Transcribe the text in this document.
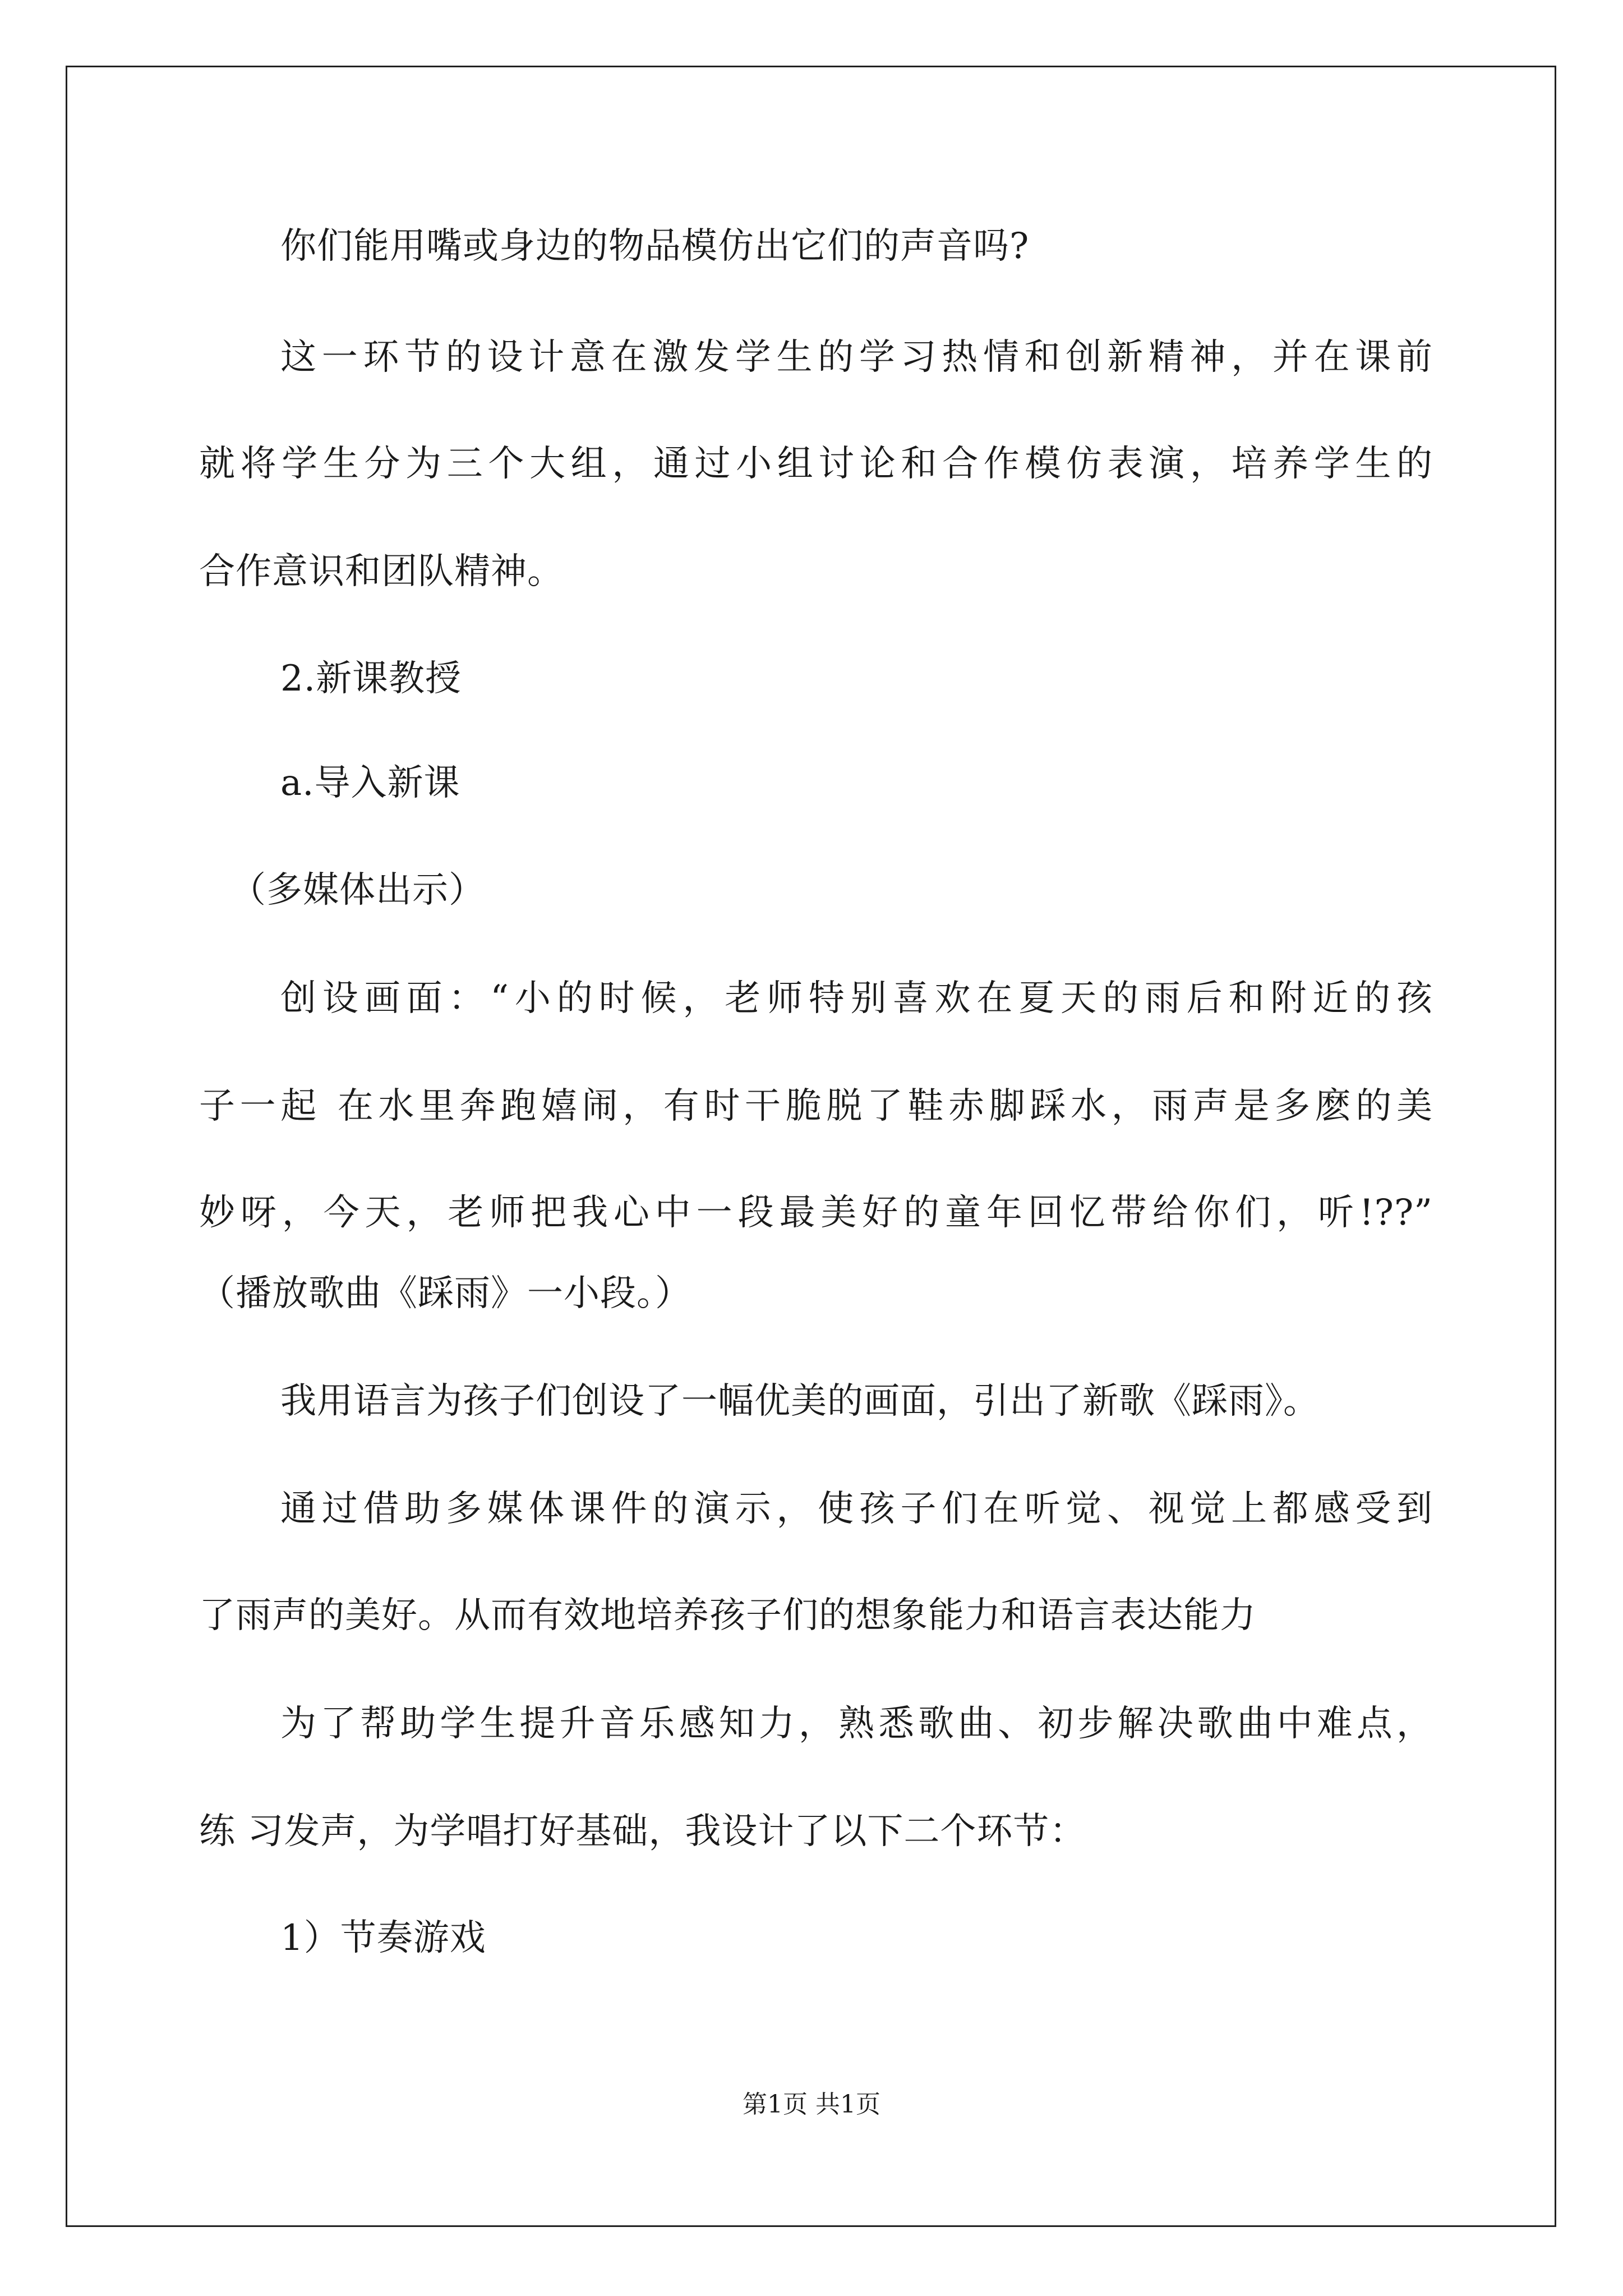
你们能用嘴或身边的物品模仿出它们的声音吗?
这一环节的设计意在激发学生的学习热情和创新精神，并在课前
就将学生分为三个大组，通过小组讨论和合作模仿表演，培养学生的
合作意识和团队精神。
2.新课教授
a.导入新课
（多媒体出示）
创设画面：“小的时候，老师特别喜欢在夏天的雨后和附近的孩
子一起 在水里奔跑嬉闹，有时干脆脱了鞋赤脚踩水，雨声是多麽的美
妙呀，今天，老师把我心中一段最美好的童年回忆带给你们，听!??”
（播放歌曲《踩雨》一小段。）
我用语言为孩子们创设了一幅优美的画面，引出了新歌《踩雨》。
通过借助多媒体课件的演示，使孩子们在听觉、视觉上都感受到
了雨声的美好。从而有效地培养孩子们的想象能力和语言表达能力
为了帮助学生提升音乐感知力，熟悉歌曲、初步解决歌曲中难点，
练 习发声，为学唱打好基础，我设计了以下二个环节：
1）节奏游戏
第1页 共1页
